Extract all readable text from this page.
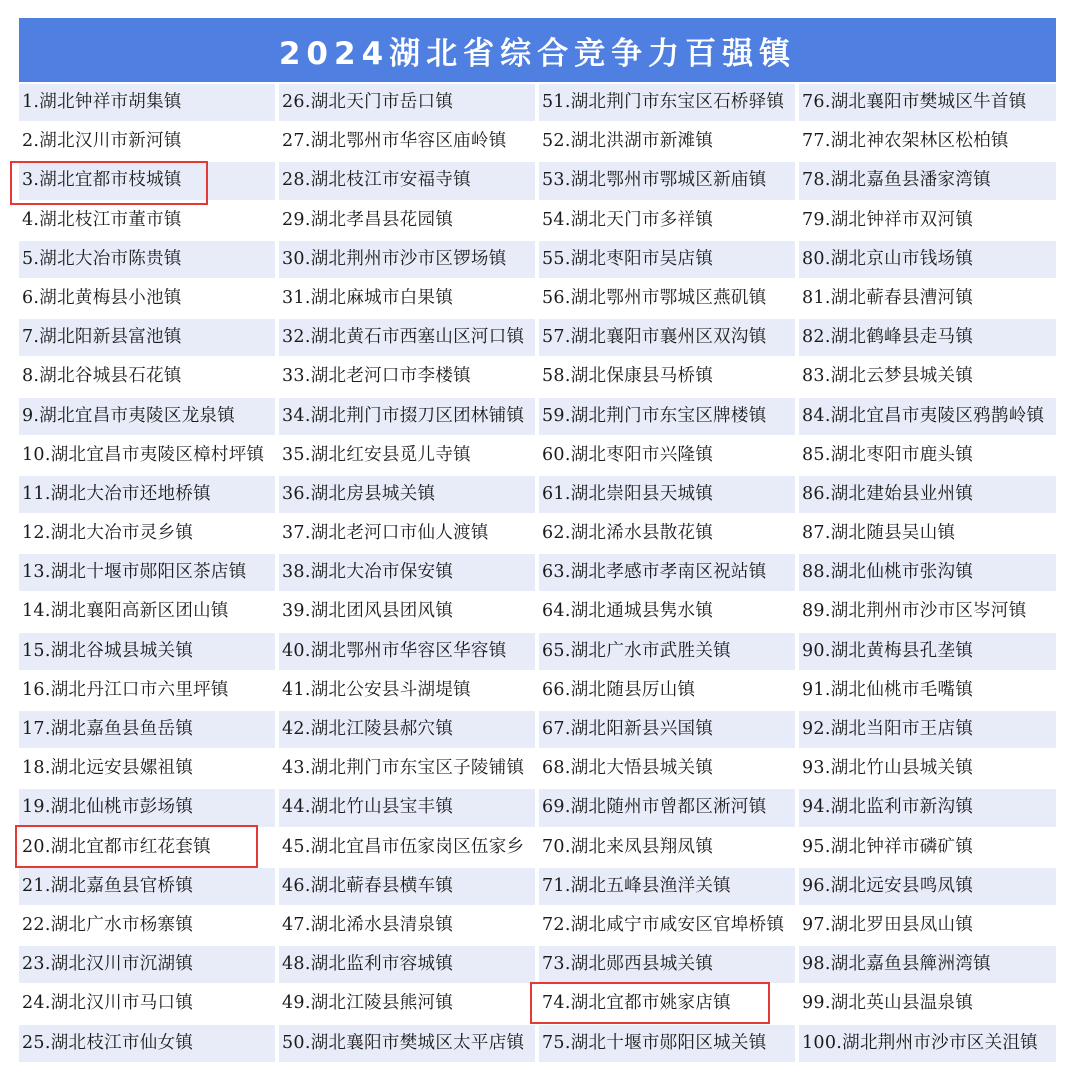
2024湖北省综合竞争力百强镇
1.湖北钟祥市胡集镇	26.湖北天门市岳口镇	51.湖北荆门市东宝区石桥驿镇	76.湖北襄阳市樊城区牛首镇
2.湖北汉川市新河镇	27.湖北鄂州市华容区庙岭镇	52.湖北洪湖市新滩镇	77.湖北神农架林区松柏镇
3.湖北宜都市枝城镇	28.湖北枝江市安福寺镇	53.湖北鄂州市鄂城区新庙镇	78.湖北嘉鱼县潘家湾镇
4.湖北枝江市董市镇	29.湖北孝昌县花园镇	54.湖北天门市多祥镇	79.湖北钟祥市双河镇
5.湖北大冶市陈贵镇	30.湖北荆州市沙市区锣场镇	55.湖北枣阳市吴店镇	80.湖北京山市钱场镇
6.湖北黄梅县小池镇	31.湖北麻城市白果镇	56.湖北鄂州市鄂城区燕矶镇	81.湖北蕲春县漕河镇
7.湖北阳新县富池镇	32.湖北黄石市西塞山区河口镇	57.湖北襄阳市襄州区双沟镇	82.湖北鹤峰县走马镇
8.湖北谷城县石花镇	33.湖北老河口市李楼镇	58.湖北保康县马桥镇	83.湖北云梦县城关镇
9.湖北宜昌市夷陵区龙泉镇	34.湖北荆门市掇刀区团林铺镇	59.湖北荆门市东宝区牌楼镇	84.湖北宜昌市夷陵区鸦鹊岭镇
10.湖北宜昌市夷陵区樟村坪镇	35.湖北红安县觅儿寺镇	60.湖北枣阳市兴隆镇	85.湖北枣阳市鹿头镇
11.湖北大冶市还地桥镇	36.湖北房县城关镇	61.湖北崇阳县天城镇	86.湖北建始县业州镇
12.湖北大冶市灵乡镇	37.湖北老河口市仙人渡镇	62.湖北浠水县散花镇	87.湖北随县吴山镇
13.湖北十堰市郧阳区茶店镇	38.湖北大冶市保安镇	63.湖北孝感市孝南区祝站镇	88.湖北仙桃市张沟镇
14.湖北襄阳高新区团山镇	39.湖北团风县团风镇	64.湖北通城县隽水镇	89.湖北荆州市沙市区岑河镇
15.湖北谷城县城关镇	40.湖北鄂州市华容区华容镇	65.湖北广水市武胜关镇	90.湖北黄梅县孔垄镇
16.湖北丹江口市六里坪镇	41.湖北公安县斗湖堤镇	66.湖北随县厉山镇	91.湖北仙桃市毛嘴镇
17.湖北嘉鱼县鱼岳镇	42.湖北江陵县郝穴镇	67.湖北阳新县兴国镇	92.湖北当阳市王店镇
18.湖北远安县嫘祖镇	43.湖北荆门市东宝区子陵铺镇	68.湖北大悟县城关镇	93.湖北竹山县城关镇
19.湖北仙桃市彭场镇	44.湖北竹山县宝丰镇	69.湖北随州市曾都区淅河镇	94.湖北监利市新沟镇
20.湖北宜都市红花套镇	45.湖北宜昌市伍家岗区伍家乡	70.湖北来凤县翔凤镇	95.湖北钟祥市磷矿镇
21.湖北嘉鱼县官桥镇	46.湖北蕲春县横车镇	71.湖北五峰县渔洋关镇	96.湖北远安县鸣凤镇
22.湖北广水市杨寨镇	47.湖北浠水县清泉镇	72.湖北咸宁市咸安区官埠桥镇	97.湖北罗田县凤山镇
23.湖北汉川市沉湖镇	48.湖北监利市容城镇	73.湖北郧西县城关镇	98.湖北嘉鱼县簰洲湾镇
24.湖北汉川市马口镇	49.湖北江陵县熊河镇	74.湖北宜都市姚家店镇	99.湖北英山县温泉镇
25.湖北枝江市仙女镇	50.湖北襄阳市樊城区太平店镇	75.湖北十堰市郧阳区城关镇	100.湖北荆州市沙市区关沮镇
